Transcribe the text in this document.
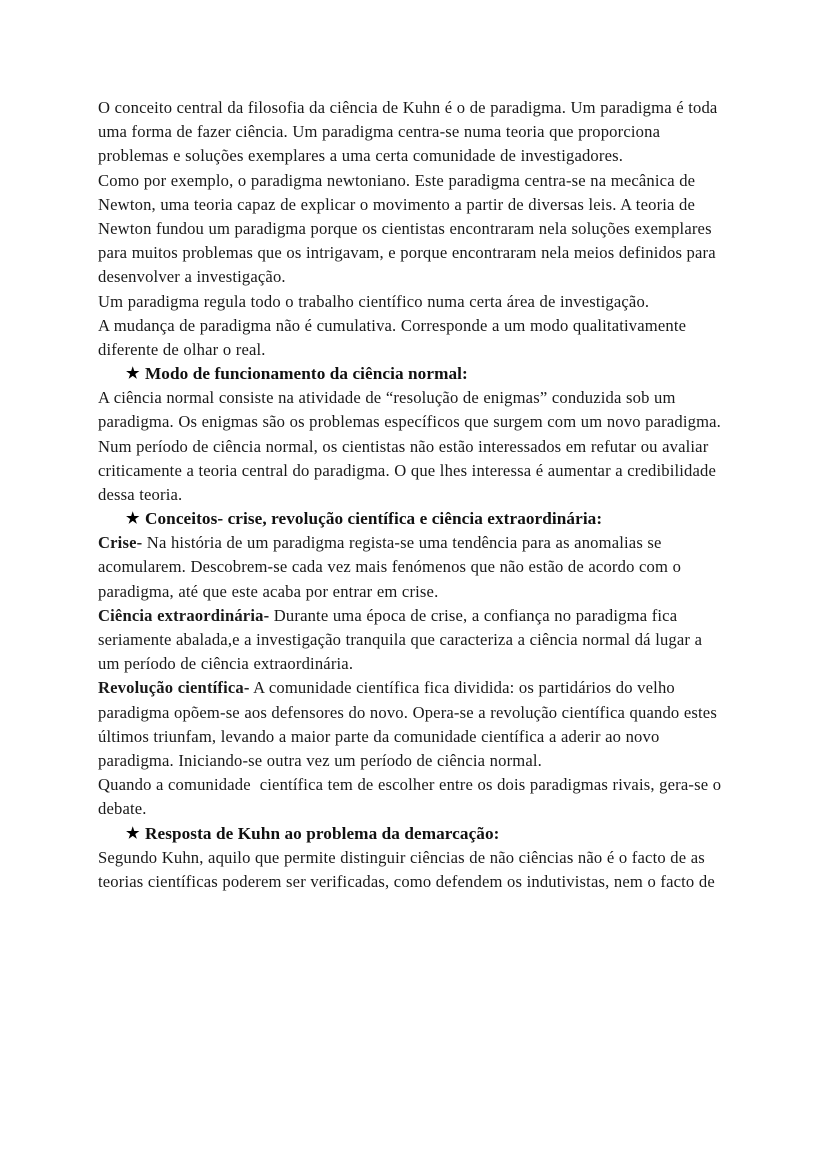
O conceito central da filosofia da ciência de Kuhn é o de paradigma. Um paradigma é toda uma forma de fazer ciência. Um paradigma centra-se numa teoria que proporciona problemas e soluções exemplares a uma certa comunidade de investigadores.

Como por exemplo, o paradigma newtoniano. Este paradigma centra-se na mecânica de Newton, uma teoria capaz de explicar o movimento a partir de diversas leis. A teoria de Newton fundou um paradigma porque os cientistas encontraram nela soluções exemplares para muitos problemas que os intrigavam, e porque encontraram nela meios definidos para desenvolver a investigação.

Um paradigma regula todo o trabalho científico numa certa área de investigação.

A mudança de paradigma não é cumulativa. Corresponde a um modo qualitativamente diferente de olhar o real.

★ Modo de funcionamento da ciência normal:

A ciência normal consiste na atividade de “resolução de enigmas” conduzida sob um paradigma. Os enigmas são os problemas específicos que surgem com um novo paradigma. Num período de ciência normal, os cientistas não estão interessados em refutar ou avaliar criticamente a teoria central do paradigma. O que lhes interessa é aumentar a credibilidade dessa teoria.

★ Conceitos- crise, revolução científica e ciência extraordinária:

Crise- Na história de um paradigma regista-se uma tendência para as anomalias se acomularem. Descobrem-se cada vez mais fenómenos que não estão de acordo com o paradigma, até que este acaba por entrar em crise.

Ciência extraordinária- Durante uma época de crise, a confiança no paradigma fica seriamente abalada,e a investigação tranquila que caracteriza a ciência normal dá lugar a um período de ciência extraordinária.

Revolução científica- A comunidade científica fica dividida: os partidários do velho paradigma opõem-se aos defensores do novo. Opera-se a revolução científica quando estes últimos triunfam, levando a maior parte da comunidade científica a aderir ao novo paradigma. Iniciando-se outra vez um período de ciência normal.

Quando a comunidade  científica tem de escolher entre os dois paradigmas rivais, gera-se o debate.

★ Resposta de Kuhn ao problema da demarcação:

Segundo Kuhn, aquilo que permite distinguir ciências de não ciências não é o facto de as teorias científicas poderem ser verificadas, como defendem os indutivistas, nem o facto de
